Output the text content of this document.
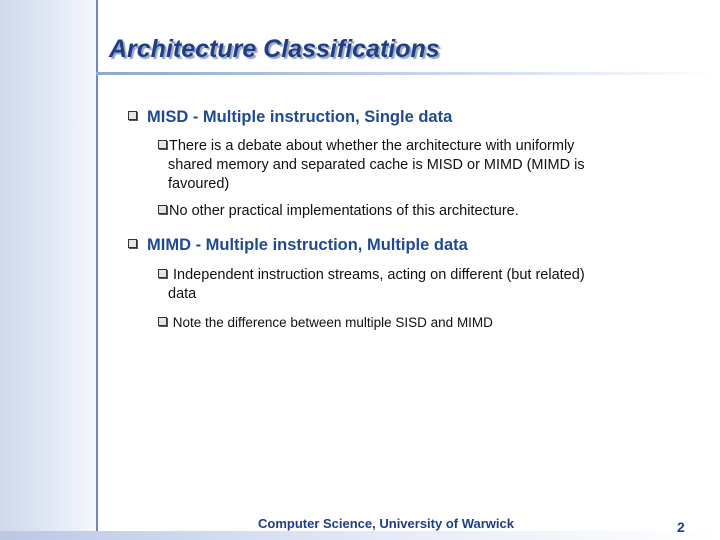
Architecture Classifications
MISD - Multiple instruction, Single data
There is a debate about whether the architecture with uniformly
shared memory and separated cache is MISD or MIMD (MIMD is
favoured)
No other practical implementations of this architecture.
MIMD - Multiple instruction, Multiple data
Independent instruction streams, acting on different (but related)
data
Note the difference between multiple SISD and MIMD
Computer Science, University of Warwick	2
